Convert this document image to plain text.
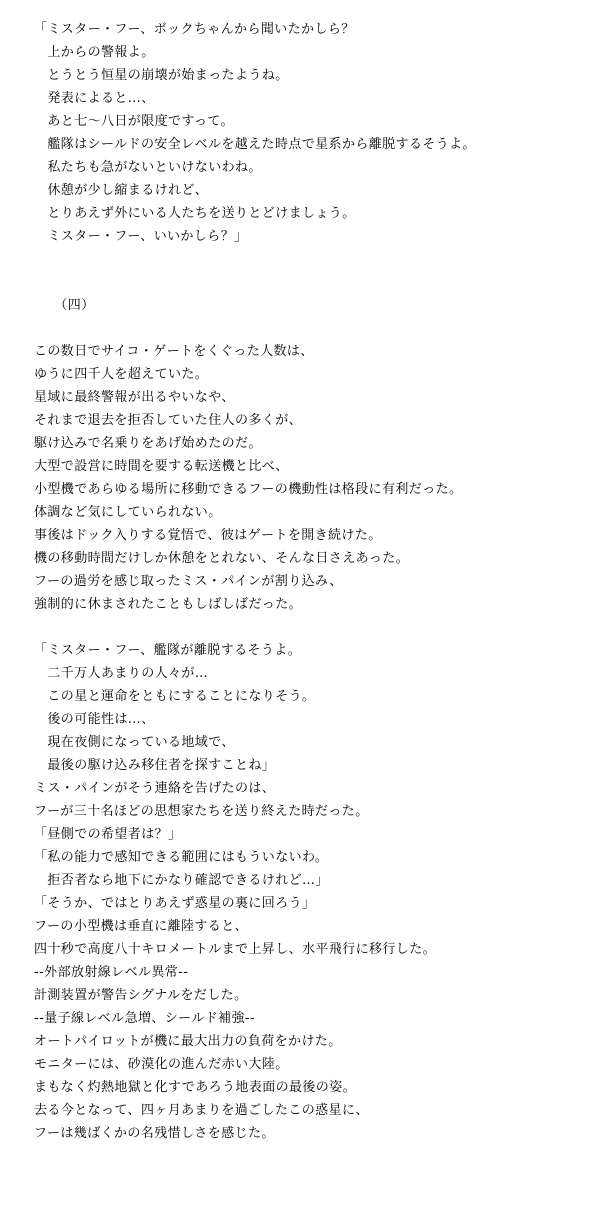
「ミスター・フー、ボックちゃんから聞いたかしら？
　上からの警報よ。
　とうとう恒星の崩壊が始まったようね。
　発表によると…、
　あと七〜八日が限度ですって。
　艦隊はシールドの安全レベルを越えた時点で星系から離脱するそうよ。
　私たちも急がないといけないわね。
　休憩が少し縮まるけれど、
　とりあえず外にいる人たちを送りとどけましょう。
　ミスター・フー、いいかしら？」
　　（四）
この数日でサイコ・ゲートをくぐった人数は、
ゆうに四千人を超えていた。
星域に最終警報が出るやいなや、
それまで退去を拒否していた住人の多くが、
駆け込みで名乗りをあげ始めたのだ。
大型で設営に時間を要する転送機と比べ、
小型機であらゆる場所に移動できるフーの機動性は格段に有利だった。
体調など気にしていられない。
事後はドック入りする覚悟で、彼はゲートを開き続けた。
機の移動時間だけしか休憩をとれない、そんな日さえあった。
フーの過労を感じ取ったミス・パインが割り込み、
強制的に休まされたこともしばしばだった。
「ミスター・フー、艦隊が離脱するそうよ。
　二千万人あまりの人々が…
　この星と運命をともにすることになりそう。
　後の可能性は…、
　現在夜側になっている地域で、
　最後の駆け込み移住者を探すことね」
ミス・パインがそう連絡を告げたのは、
フーが三十名ほどの思想家たちを送り終えた時だった。
「昼側での希望者は？」
「私の能力で感知できる範囲にはもういないわ。
　拒否者なら地下にかなり確認できるけれど…」
「そうか、ではとりあえず惑星の裏に回ろう」
フーの小型機は垂直に離陸すると、
四十秒で高度八十キロメートルまで上昇し、水平飛行に移行した。
--外部放射線レベル異常--
計測装置が警告シグナルをだした。
--量子線レベル急増、シールド補強--
オートパイロットが機に最大出力の負荷をかけた。
モニターには、砂漠化の進んだ赤い大陸。
まもなく灼熱地獄と化すであろう地表面の最後の姿。
去る今となって、四ヶ月あまりを過ごしたこの惑星に、
フーは幾ばくかの名残惜しさを感じた。
